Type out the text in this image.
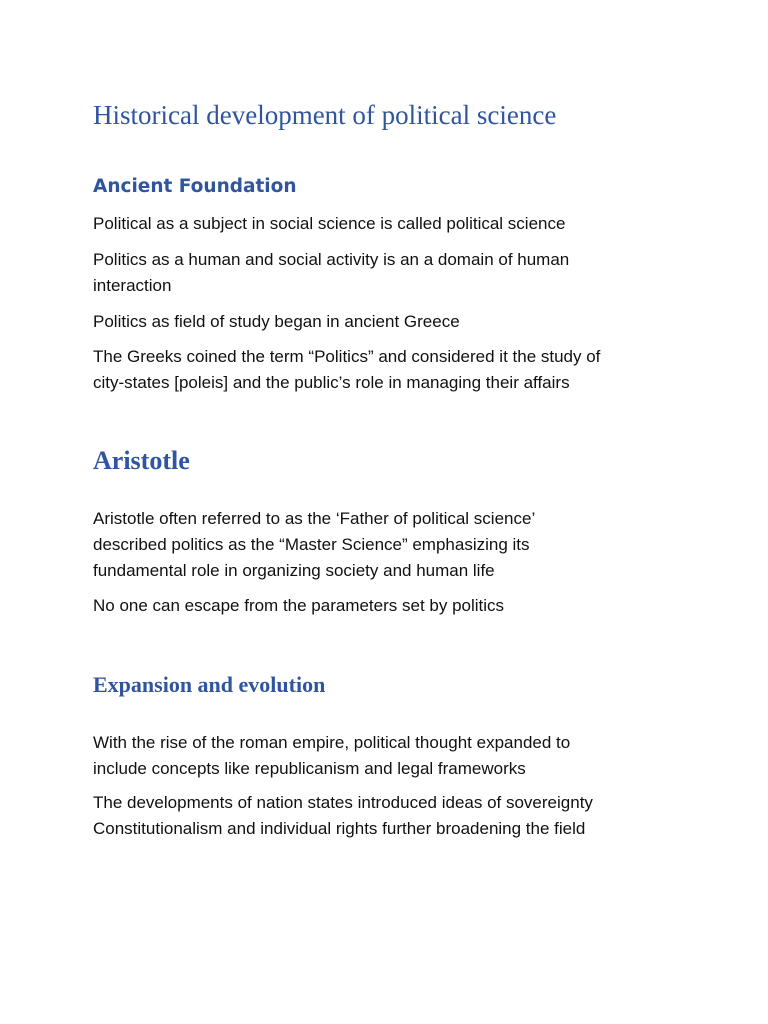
Historical development of political science
Ancient Foundation

Political as a subject in social science is called political science

Politics as a human and social activity is an a domain of human
interaction

Politics as field of study began in ancient Greece

The Greeks coined the term “Politics” and considered it the study of
city-states [poleis] and the public’s role in managing their affairs

Aristotle

Aristotle often referred to as the ‘Father of political science’
described politics as the “Master Science” emphasizing its
fundamental role in organizing society and human life

No one can escape from the parameters set by politics

Expansion and evolution

With the rise of the roman empire, political thought expanded to
include concepts like republicanism and legal frameworks

The developments of nation states introduced ideas of sovereignty
Constitutionalism and individual rights further broadening the field
